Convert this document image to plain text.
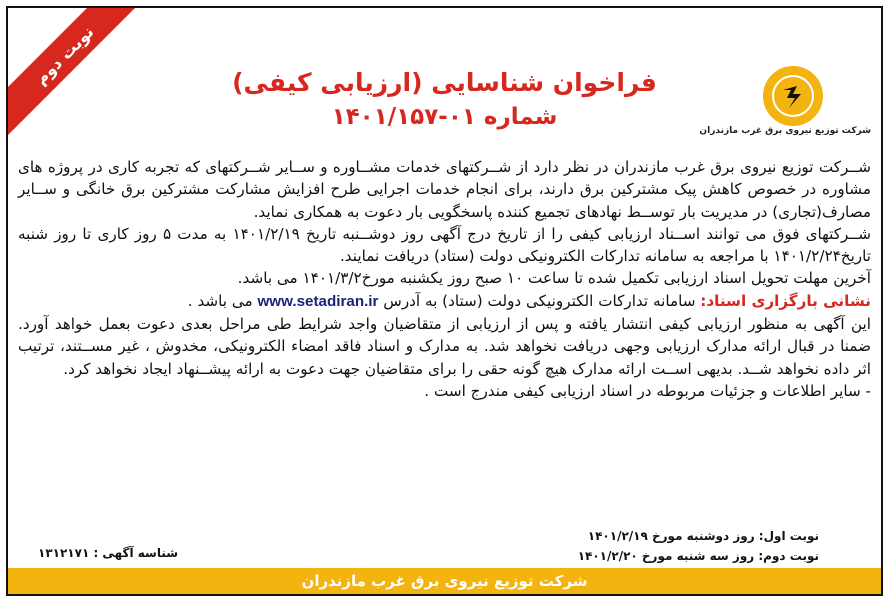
نوبت دوم
شرکت توزیع نیروی برق غرب مازندران
فراخوان شناسایی (ارزیابی کیفی)
شماره ۰۱-۱۴۰۱/۱۵۷

شــرکت توزیع نیروی برق غرب مازندران در نظر دارد از شــرکتهای خدمات مشــاوره و ســایر شــرکتهای که تجربه کاری در پروژه های مشاوره در خصوص کاهش پیک مشترکین برق دارند، برای انجام خدمات اجرایی طرح افزایش مشارکت مشترکین برق خانگی و ســایر مصارف(تجاری) در مدیریت بار توســط نهادهای تجمیع کننده پاسخگویی بار دعوت به همکاری نماید.

شــرکتهای فوق می توانند اســناد ارزیابی کیفی را از تاریخ درج آگهی روز دوشــنبه تاریخ ۱۴۰۱/۲/۱۹ به مدت ۵ روز کاری تا روز شنبه تاریخ۱۴۰۱/۲/۲۴ با مراجعه به سامانه تدارکات الکترونیکی دولت (ستاد) دریافت نمایند.

آخرین مهلت تحویل اسناد ارزیابی تکمیل شده تا ساعت ۱۰ صبح روز یکشنبه مورخ۱۴۰۱/۳/۲ می باشد.

نشانی بارگزاری اسناد: سامانه تدارکات الکترونیکی دولت (ستاد) به آدرس www.setadiran.ir می باشد .

این آگهی به منظور ارزیابی کیفی انتشار یافته و پس از ارزیابی از متقاضیان واجد شرایط طی مراحل بعدی دعوت بعمل خواهد آورد. ضمنا در قبال ارائه مدارک ارزیابی وجهی دریافت نخواهد شد. به مدارک و اسناد فاقد امضاء الکترونیکی، مخدوش ، غیر مســتند، ترتیب اثر داده نخواهد شــد. بدیهی اســت ارائه مدارک هیچ گونه حقی را برای متقاضیان جهت دعوت به ارائه پیشــنهاد ایجاد نخواهد کرد.

- سایر اطلاعات و جزئیات مربوطه در اسناد ارزیابی کیفی مندرج است .

نوبت اول: روز دوشنبه مورخ ۱۴۰۱/۲/۱۹
نوبت دوم: روز سه شنبه مورخ ۱۴۰۱/۲/۲۰
شناسه آگهی : ۱۳۱۲۱۷۱
شرکت توزیع نیروی برق غرب مازندران
